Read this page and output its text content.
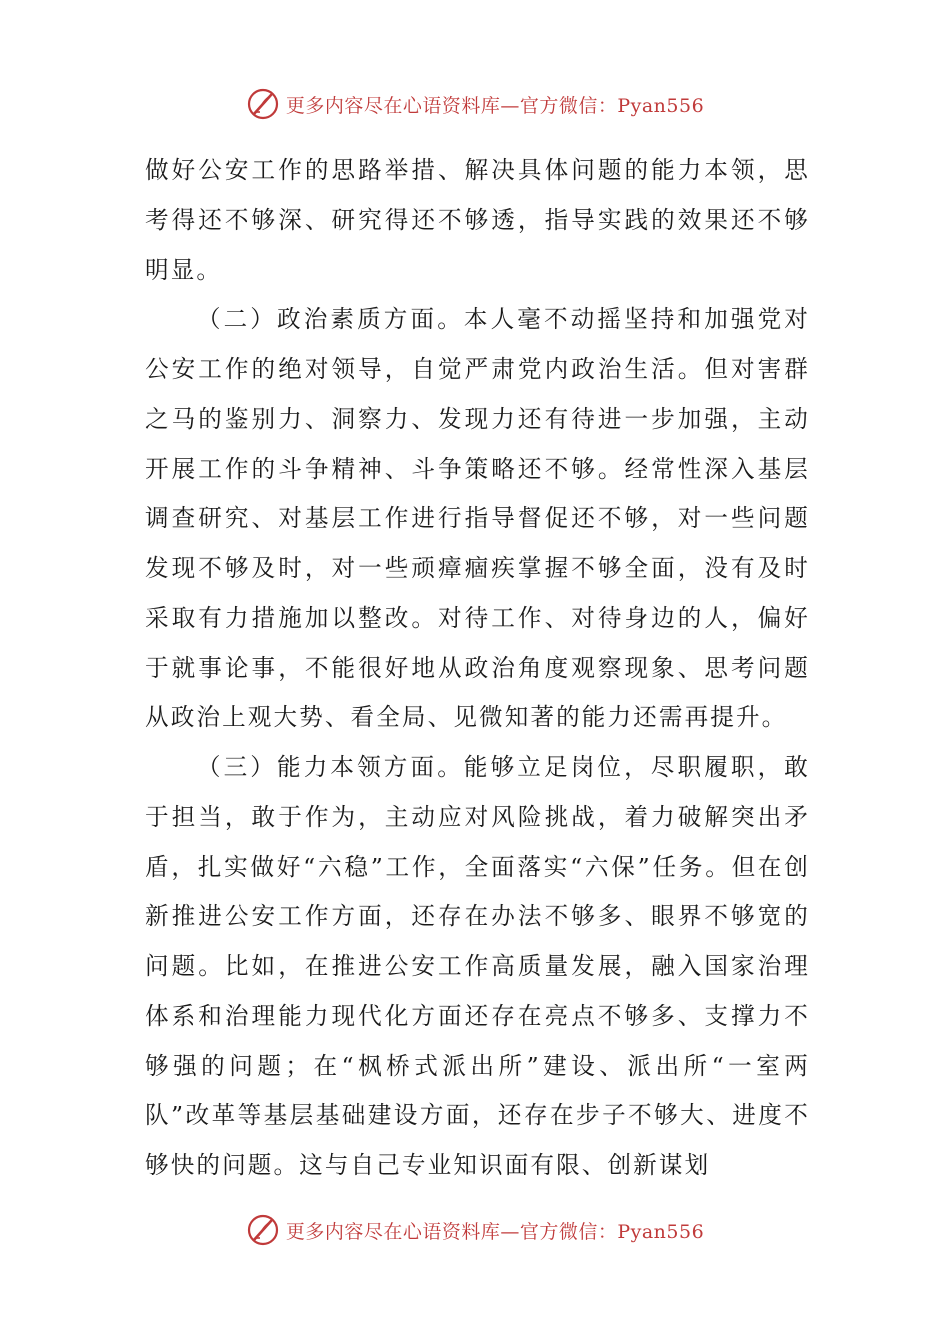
更多内容尽在心语资料库—官方微信：Pyan556

做好公安工作的思路举措、解决具体问题的能力本领，思考得还不够深、研究得还不够透，指导实践的效果还不够明显。

（二）政治素质方面。本人毫不动摇坚持和加强党对公安工作的绝对领导，自觉严肃党内政治生活。但对害群之马的鉴别力、洞察力、发现力还有待进一步加强，主动开展工作的斗争精神、斗争策略还不够。经常性深入基层调查研究、对基层工作进行指导督促还不够，对一些问题发现不够及时，对一些顽瘴痼疾掌握不够全面，没有及时采取有力措施加以整改。对待工作、对待身边的人，偏好于就事论事，不能很好地从政治角度观察现象、思考问题从政治上观大势、看全局、见微知著的能力还需再提升。

（三）能力本领方面。能够立足岗位，尽职履职，敢于担当，敢于作为，主动应对风险挑战，着力破解突出矛盾，扎实做好“六稳”工作，全面落实“六保”任务。但在创新推进公安工作方面，还存在办法不够多、眼界不够宽的问题。比如，在推进公安工作高质量发展，融入国家治理体系和治理能力现代化方面还存在亮点不够多、支撑力不够强的问题；在“枫桥式派出所”建设、派出所“一室两队”改革等基层基础建设方面，还存在步子不够大、进度不够快的问题。这与自己专业知识面有限、创新谋划

更多内容尽在心语资料库—官方微信：Pyan556
